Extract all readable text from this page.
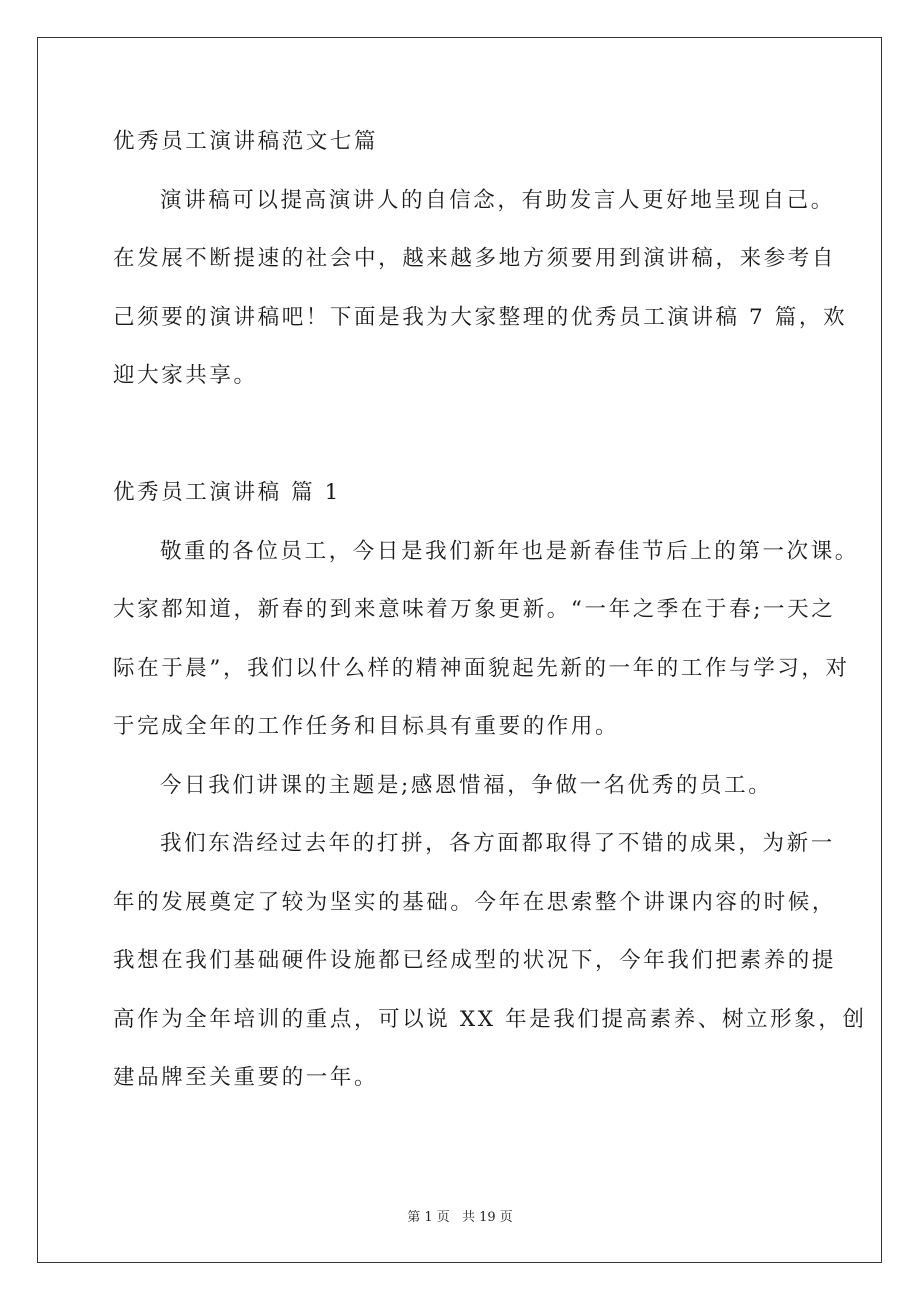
优秀员工演讲稿范文七篇
演讲稿可以提高演讲人的自信念，有助发言人更好地呈现自己。
在发展不断提速的社会中，越来越多地方须要用到演讲稿，来参考自
己须要的演讲稿吧！下面是我为大家整理的优秀员工演讲稿 7 篇，欢
迎大家共享。
优秀员工演讲稿 篇 1
敬重的各位员工，今日是我们新年也是新春佳节后上的第一次课。
大家都知道，新春的到来意味着万象更新。“一年之季在于春;一天之
际在于晨”，我们以什么样的精神面貌起先新的一年的工作与学习，对
于完成全年的工作任务和目标具有重要的作用。
今日我们讲课的主题是;感恩惜福，争做一名优秀的员工。
我们东浩经过去年的打拼，各方面都取得了不错的成果，为新一
年的发展奠定了较为坚实的基础。今年在思索整个讲课内容的时候，
我想在我们基础硬件设施都已经成型的状况下，今年我们把素养的提
高作为全年培训的重点，可以说 XX 年是我们提高素养、树立形象，创
建品牌至关重要的一年。
第 1 页 共 19 页
